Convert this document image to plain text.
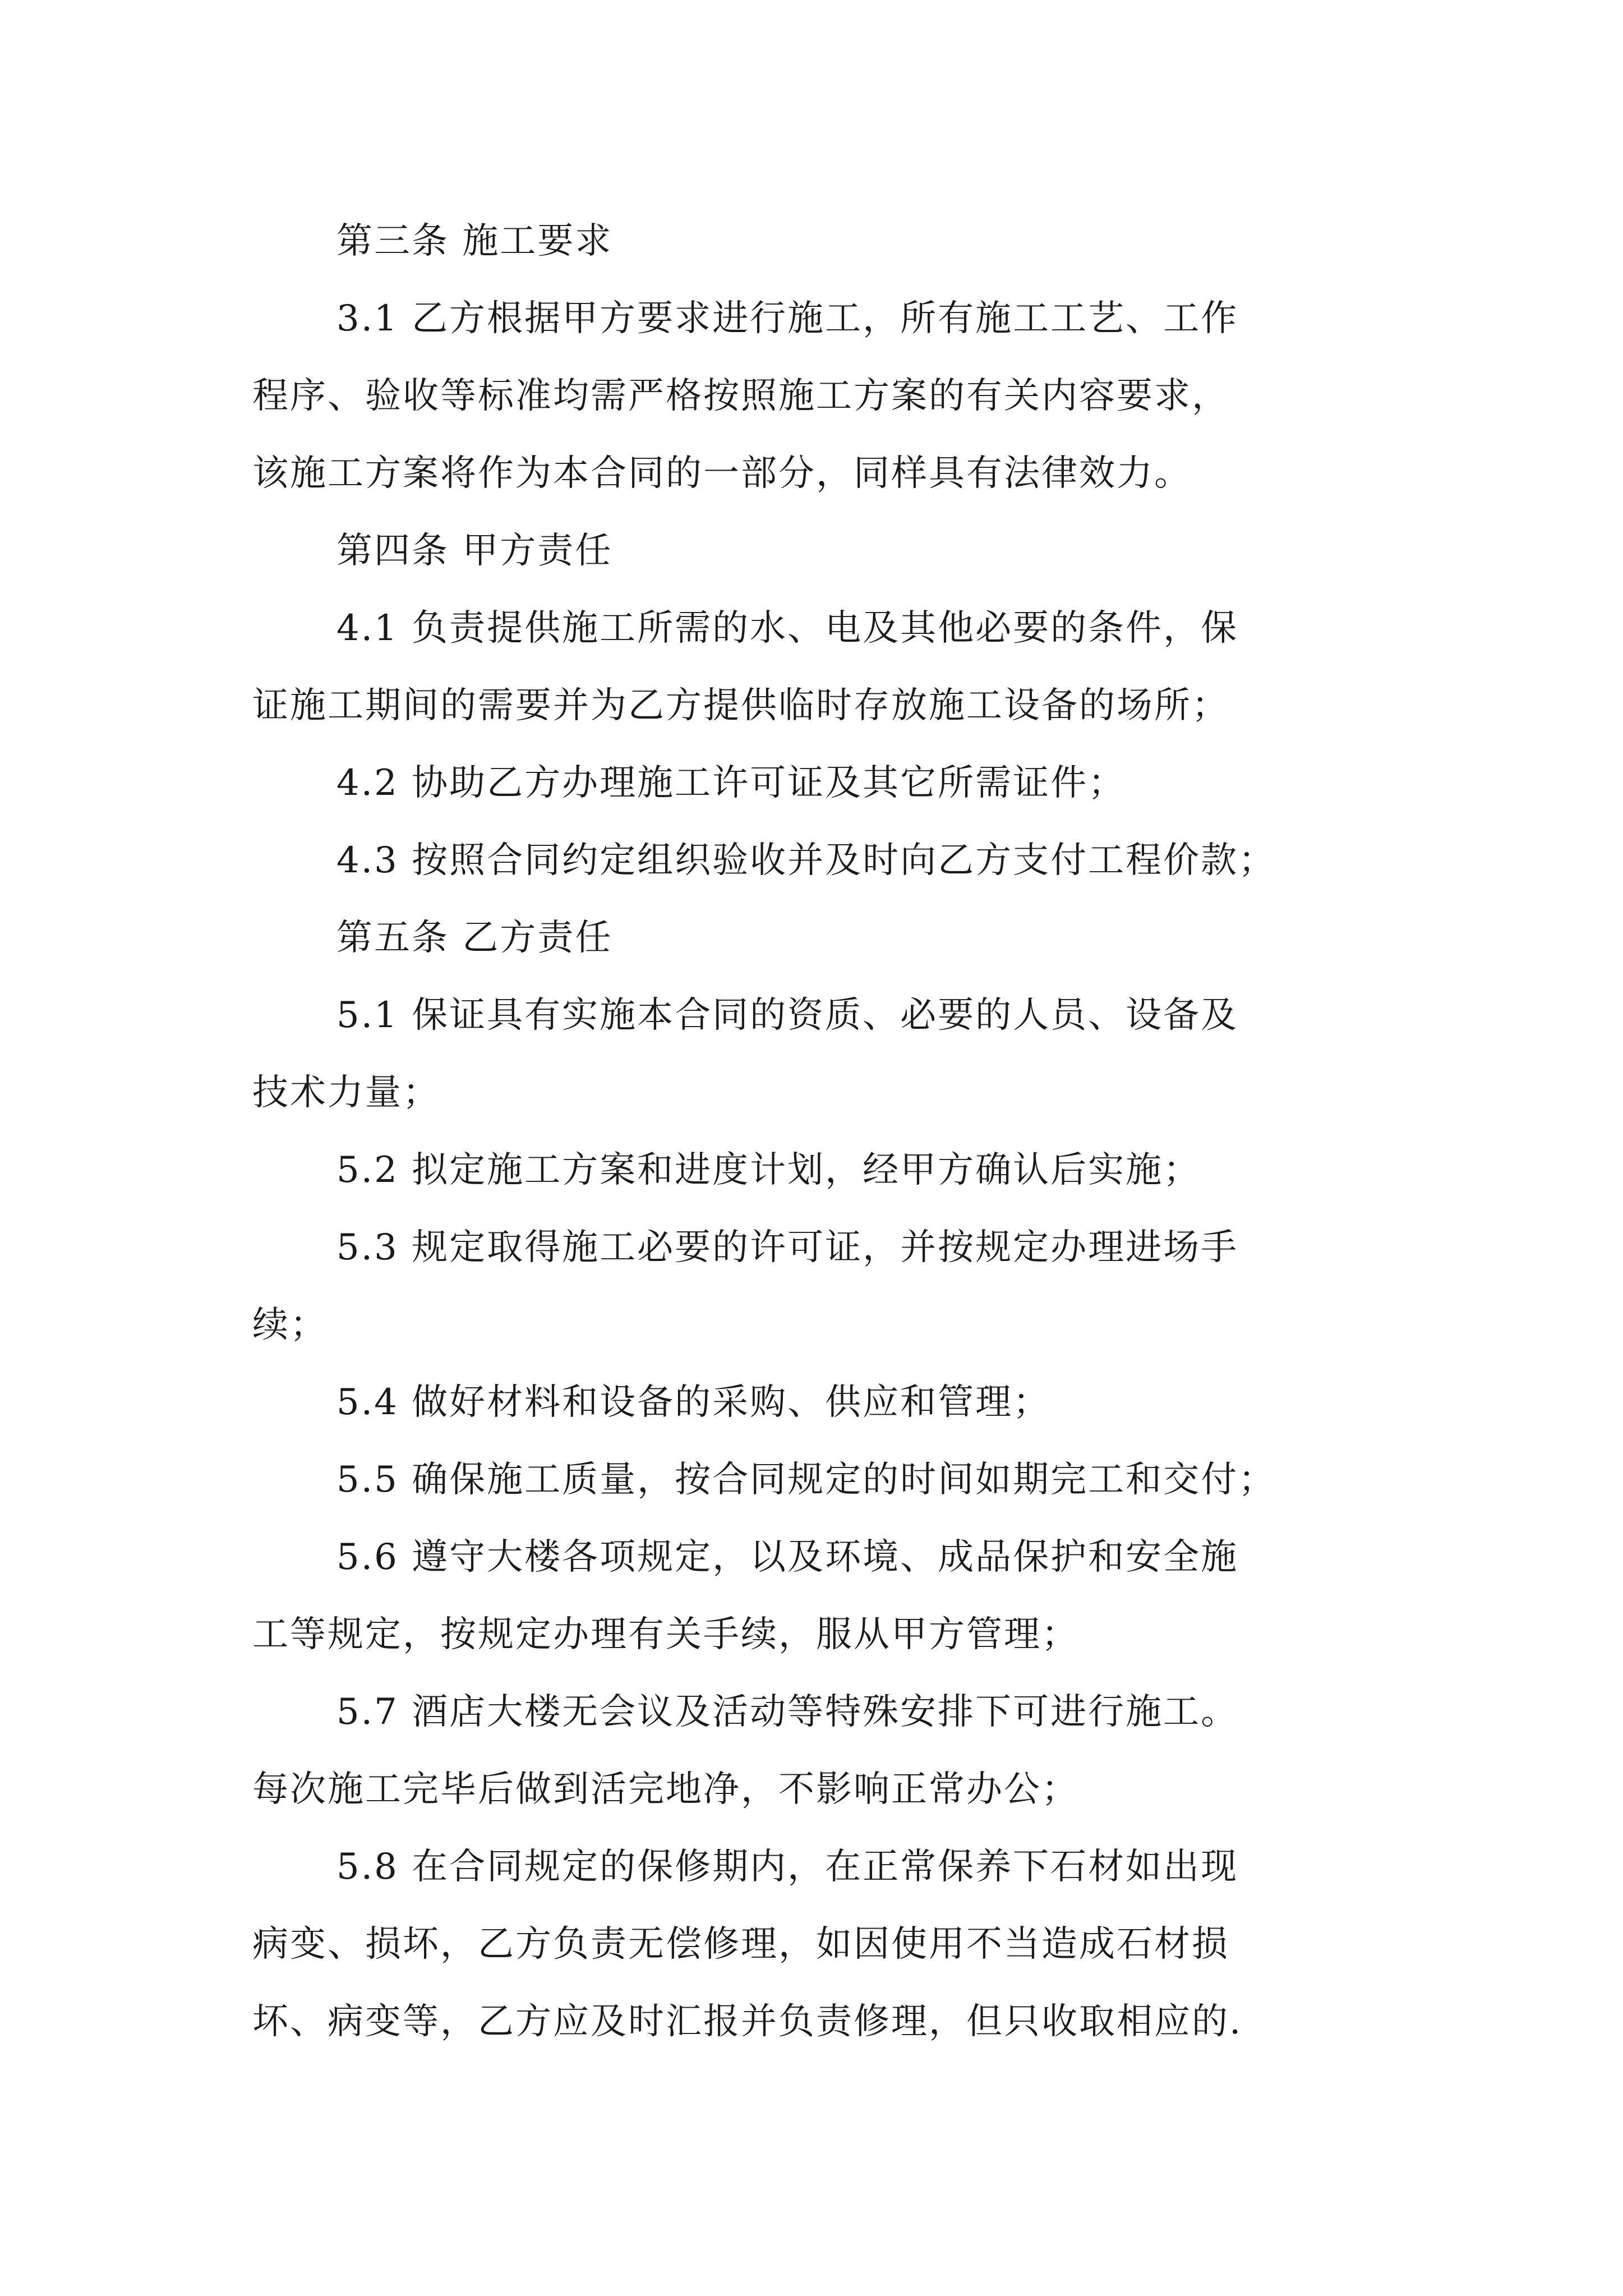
第三条 施工要求
3.1 乙方根据甲方要求进行施工，所有施工工艺、工作
程序、验收等标准均需严格按照施工方案的有关内容要求，
该施工方案将作为本合同的一部分，同样具有法律效力。
第四条 甲方责任
4.1 负责提供施工所需的水、电及其他必要的条件，保
证施工期间的需要并为乙方提供临时存放施工设备的场所；
4.2 协助乙方办理施工许可证及其它所需证件；
4.3 按照合同约定组织验收并及时向乙方支付工程价款；
第五条 乙方责任
5.1 保证具有实施本合同的资质、必要的人员、设备及
技术力量；
5.2 拟定施工方案和进度计划，经甲方确认后实施；
5.3 规定取得施工必要的许可证，并按规定办理进场手
续；
5.4 做好材料和设备的采购、供应和管理；
5.5 确保施工质量，按合同规定的时间如期完工和交付；
5.6 遵守大楼各项规定，以及环境、成品保护和安全施
工等规定，按规定办理有关手续，服从甲方管理；
5.7 酒店大楼无会议及活动等特殊安排下可进行施工。
每次施工完毕后做到活完地净，不影响正常办公；
5.8 在合同规定的保修期内，在正常保养下石材如出现
病变、损坏，乙方负责无偿修理，如因使用不当造成石材损
坏、病变等，乙方应及时汇报并负责修理，但只收取相应的.
